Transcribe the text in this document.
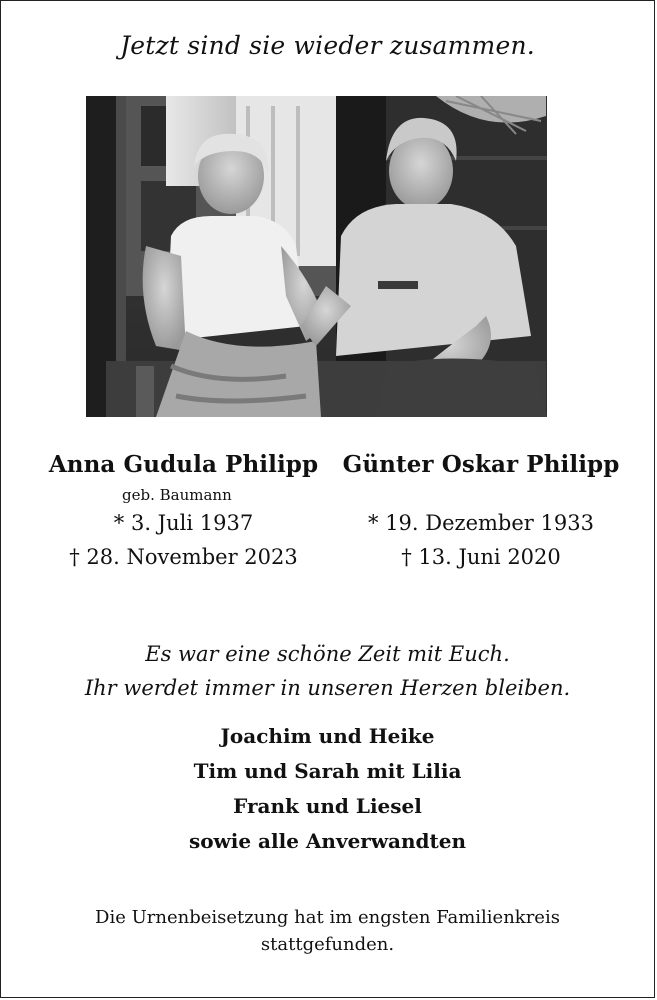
Jetzt sind sie wieder zusammen.
Anna Gudula Philipp
geb. Baumann
* 3. Juli 1937
† 28. November 2023
Günter Oskar Philipp
* 19. Dezember 1933
† 13. Juni 2020
Es war eine schöne Zeit mit Euch.
Ihr werdet immer in unseren Herzen bleiben.
Joachim und Heike
Tim und Sarah mit Lilia
Frank und Liesel
sowie alle Anverwandten
Die Urnenbeisetzung hat im engsten Familienkreis
stattgefunden.
